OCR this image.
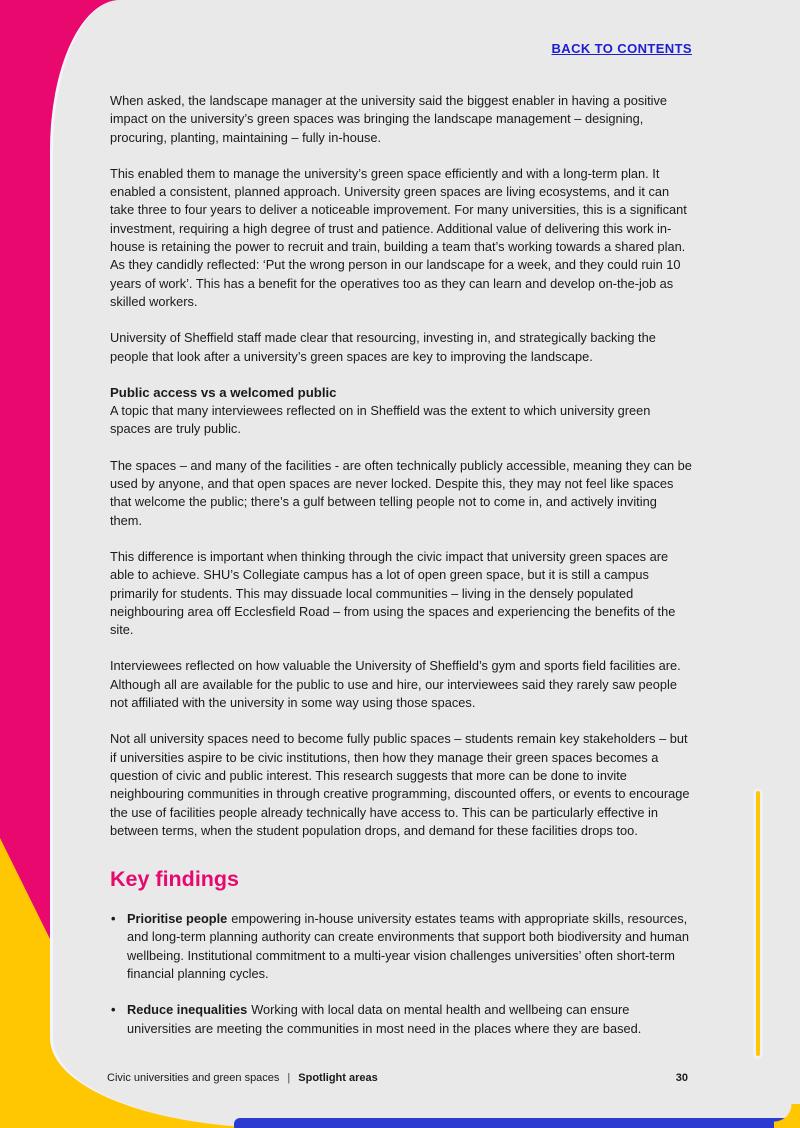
BACK TO CONTENTS

When asked, the landscape manager at the university said the biggest enabler in having a positive impact on the university’s green spaces was bringing the landscape management – designing, procuring, planting, maintaining – fully in-house.

This enabled them to manage the university’s green space efficiently and with a long-term plan. It enabled a consistent, planned approach. University green spaces are living ecosystems, and it can take three to four years to deliver a noticeable improvement. For many universities, this is a significant investment, requiring a high degree of trust and patience. Additional value of delivering this work in-house is retaining the power to recruit and train, building a team that’s working towards a shared plan. As they candidly reflected: ‘Put the wrong person in our landscape for a week, and they could ruin 10 years of work’. This has a benefit for the operatives too as they can learn and develop on-the-job as skilled workers.

University of Sheffield staff made clear that resourcing, investing in, and strategically backing the people that look after a university’s green spaces are key to improving the landscape.

Public access vs a welcomed public

A topic that many interviewees reflected on in Sheffield was the extent to which university green spaces are truly public.

The spaces – and many of the facilities - are often technically publicly accessible, meaning they can be used by anyone, and that open spaces are never locked. Despite this, they may not feel like spaces that welcome the public; there’s a gulf between telling people not to come in, and actively inviting them.

This difference is important when thinking through the civic impact that university green spaces are able to achieve. SHU’s Collegiate campus has a lot of open green space, but it is still a campus primarily for students. This may dissuade local communities – living in the densely populated neighbouring area off Ecclesfield Road – from using the spaces and experiencing the benefits of the site.

Interviewees reflected on how valuable the University of Sheffield’s gym and sports field facilities are. Although all are available for the public to use and hire, our interviewees said they rarely saw people not affiliated with the university in some way using those spaces.

Not all university spaces need to become fully public spaces – students remain key stakeholders – but if universities aspire to be civic institutions, then how they manage their green spaces becomes a question of civic and public interest. This research suggests that more can be done to invite neighbouring communities in through creative programming, discounted offers, or events to encourage the use of facilities people already technically have access to. This can be particularly effective in between terms, when the student population drops, and demand for these facilities drops too.

Key findings

• Prioritise people empowering in-house university estates teams with appropriate skills, resources, and long-term planning authority can create environments that support both biodiversity and human wellbeing. Institutional commitment to a multi-year vision challenges universities’ often short-term financial planning cycles.
• Reduce inequalities Working with local data on mental health and wellbeing can ensure universities are meeting the communities in most need in the places where they are based.
Civic universities and green spaces | Spotlight areas	30
